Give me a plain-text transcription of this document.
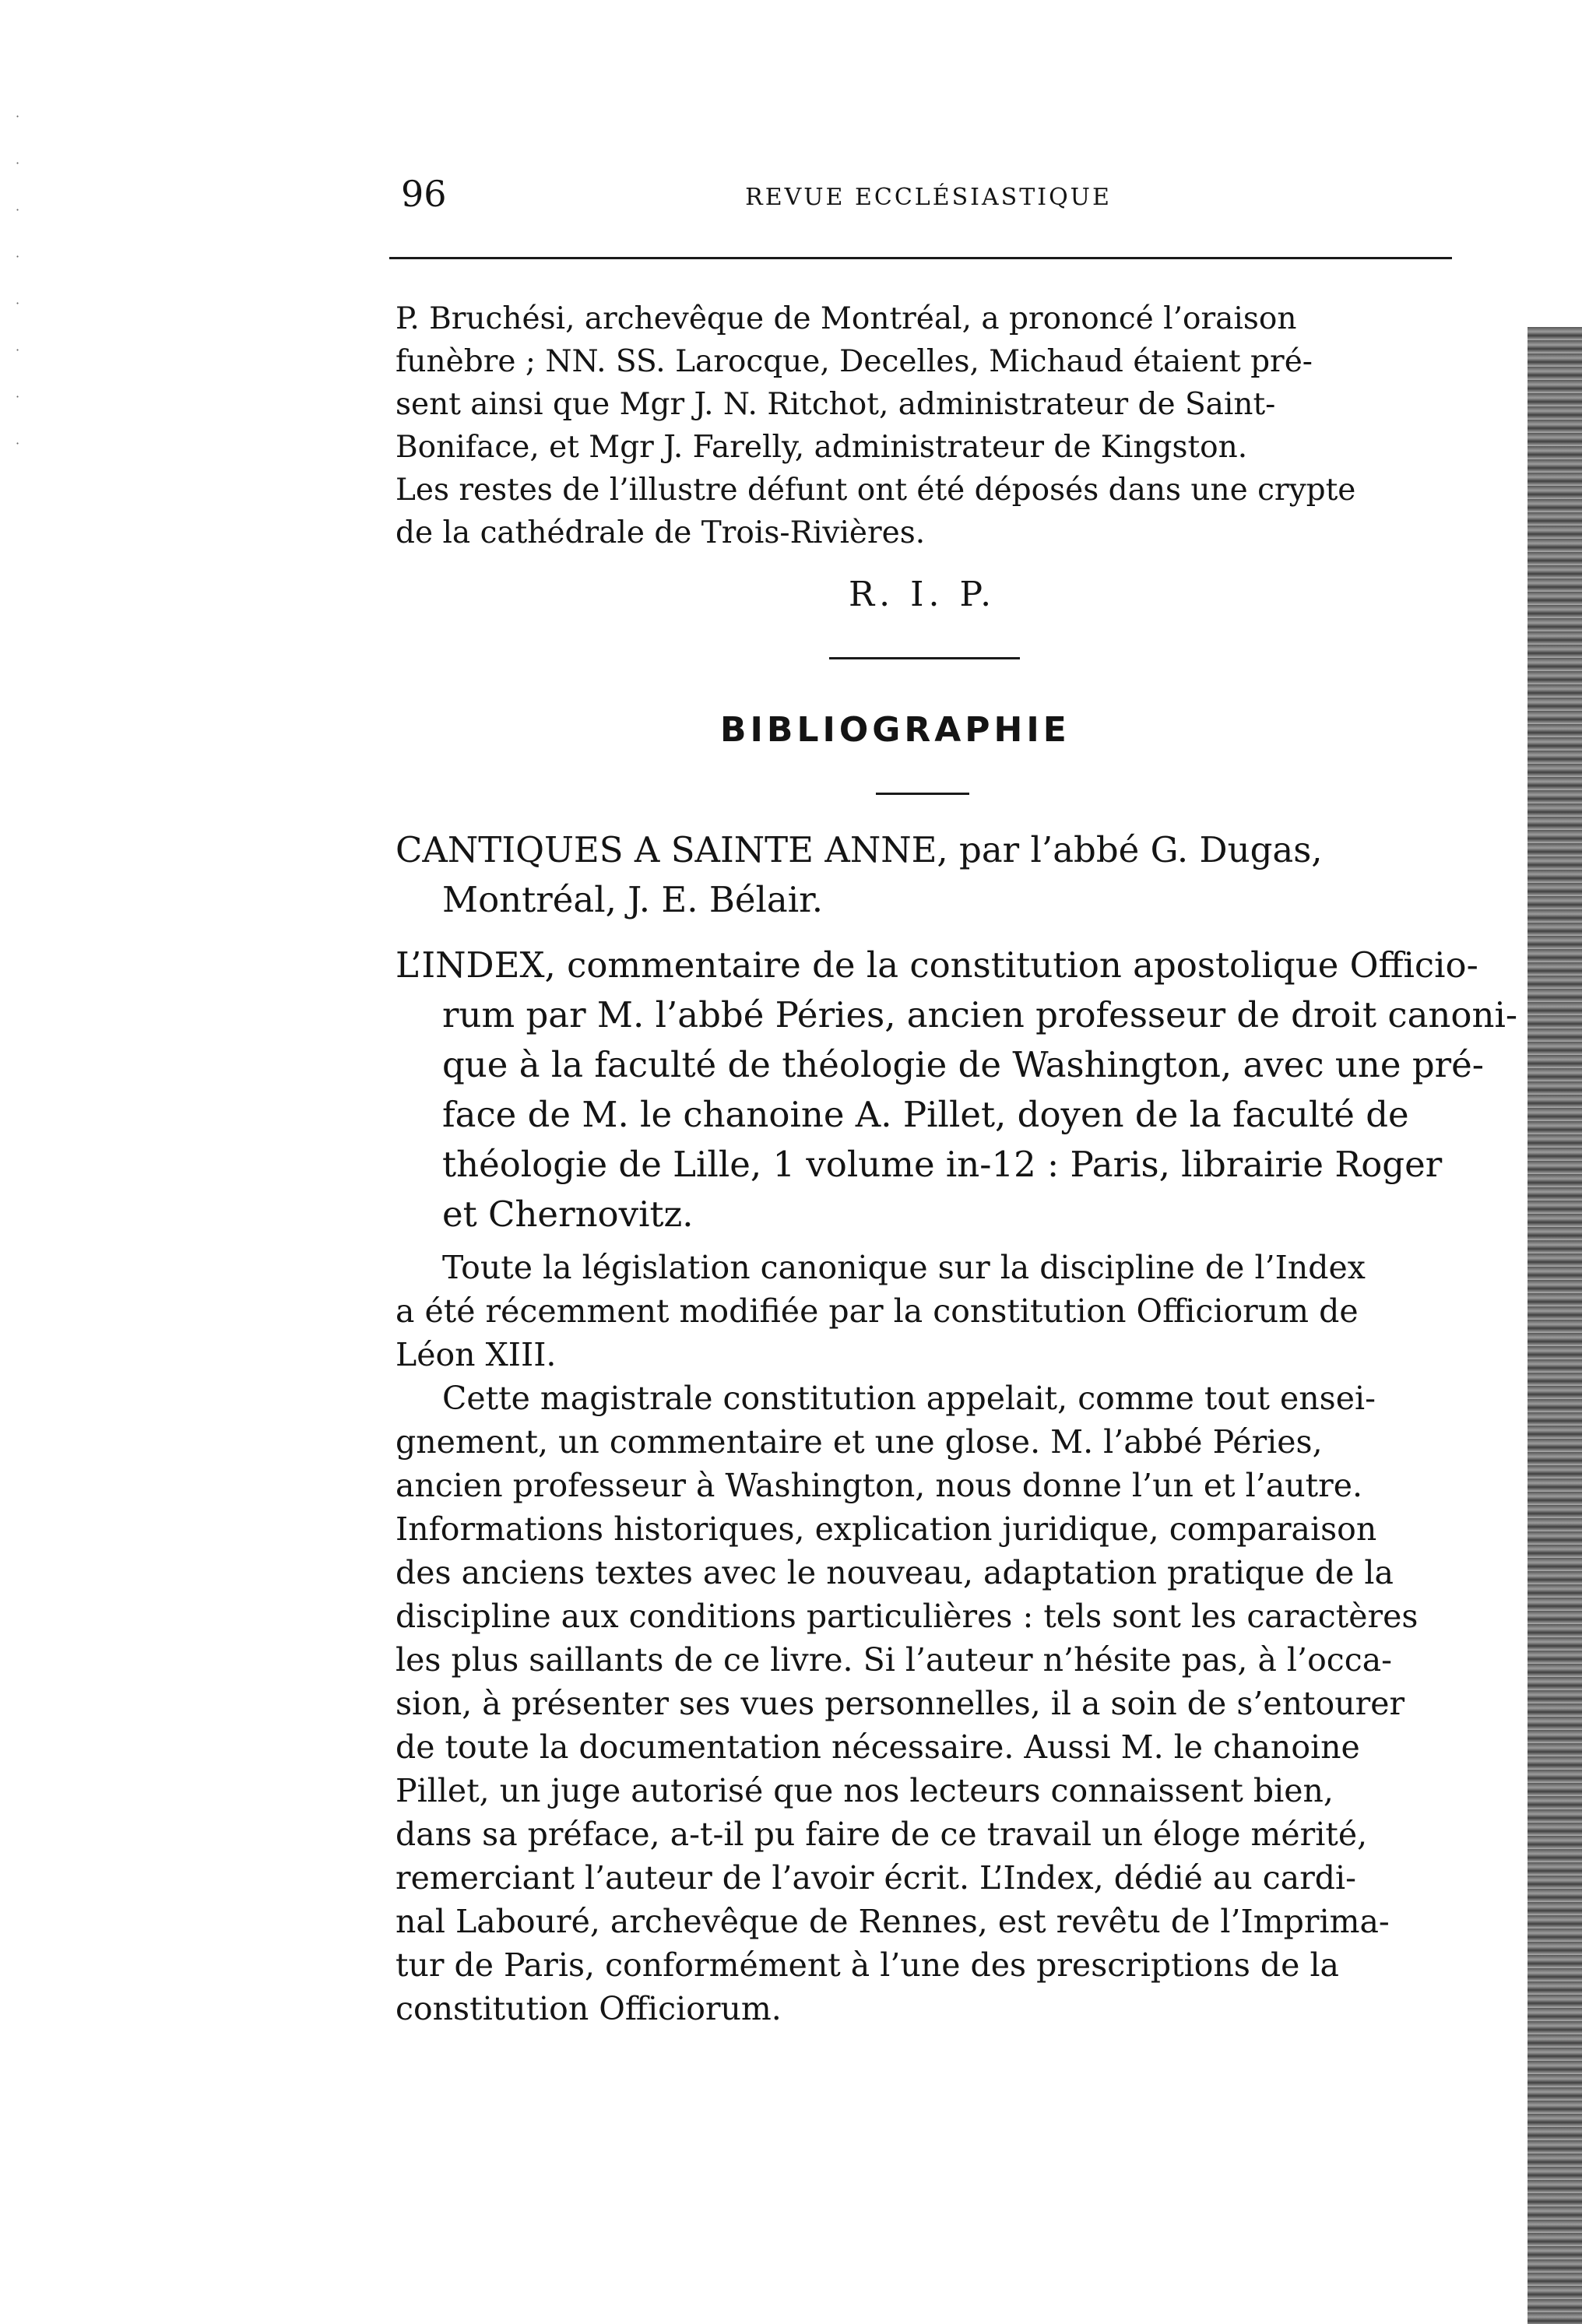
·
·
·
·
·
·
·
·
96	REVUE ECCLÉSIASTIQUE
P. Bruchési, archevêque de Montréal, a prononcé l’oraison
funèbre ; NN. SS. Larocque, Decelles, Michaud étaient pré-
sent ainsi que Mgr J. N. Ritchot, administrateur de Saint-
Boniface, et Mgr J. Farelly, administrateur de Kingston.
Les restes de l’illustre défunt ont été déposés dans une crypte
de la cathédrale de Trois-Rivières.
R. I. P.
BIBLIOGRAPHIE
CANTIQUES A SAINTE ANNE, par l’abbé G. Dugas,
Montréal, J. E. Bélair.
L’INDEX, commentaire de la constitution apostolique Officio-
rum par M. l’abbé Péries, ancien professeur de droit canoni-
que à la faculté de théologie de Washington, avec une pré-
face de M. le chanoine A. Pillet, doyen de la faculté de
théologie de Lille, 1 volume in-12 : Paris, librairie Roger
et Chernovitz.
Toute la législation canonique sur la discipline de l’Index
a été récemment modifiée par la constitution Officiorum de
Léon XIII.
Cette magistrale constitution appelait, comme tout ensei-
gnement, un commentaire et une glose. M. l’abbé Péries,
ancien professeur à Washington, nous donne l’un et l’autre.
Informations historiques, explication juridique, comparaison
des anciens textes avec le nouveau, adaptation pratique de la
discipline aux conditions particulières : tels sont les caractères
les plus saillants de ce livre. Si l’auteur n’hésite pas, à l’occa-
sion, à présenter ses vues personnelles, il a soin de s’entourer
de toute la documentation nécessaire. Aussi M. le chanoine
Pillet, un juge autorisé que nos lecteurs connaissent bien,
dans sa préface, a-t-il pu faire de ce travail un éloge mérité,
remerciant l’auteur de l’avoir écrit. L’Index, dédié au cardi-
nal Labouré, archevêque de Rennes, est revêtu de l’Imprima-
tur de Paris, conformément à l’une des prescriptions de la
constitution Officiorum.
